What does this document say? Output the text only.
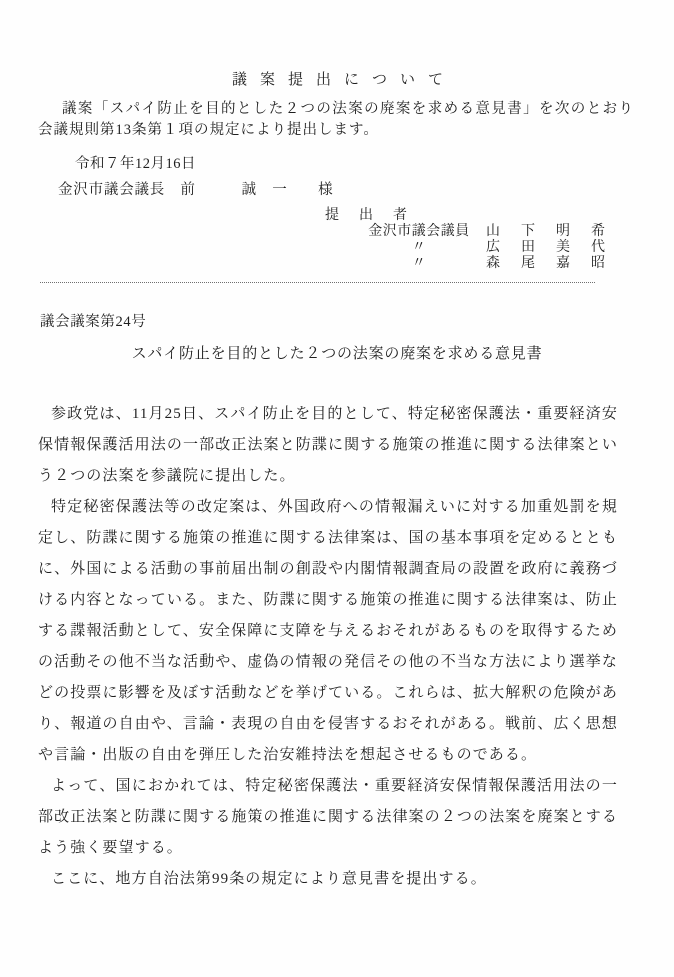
議　案　提　出　に　つ　い　て

議案「スパイ防止を目的とした２つの法案の廃案を求める意見書」を次のとおり会議規則第13条第１項の規定により提出します。

令和７年12月16日
金沢市議会議長　前　　　誠　一　　様
提　出　者
金沢市議会議員 山　下　明　希
〃	広　田　美　代
〃	森　尾　嘉　昭
議会議案第24号
スパイ防止を目的とした２つの法案の廃案を求める意見書

参政党は、11月25日、スパイ防止を目的として、特定秘密保護法・重要経済安保情報保護活用法の一部改正法案と防諜に関する施策の推進に関する法律案という２つの法案を参議院に提出した。

特定秘密保護法等の改定案は、外国政府への情報漏えいに対する加重処罰を規定し、防諜に関する施策の推進に関する法律案は、国の基本事項を定めるとともに、外国による活動の事前届出制の創設や内閣情報調査局の設置を政府に義務づける内容となっている。また、防諜に関する施策の推進に関する法律案は、防止する諜報活動として、安全保障に支障を与えるおそれがあるものを取得するための活動その他不当な活動や、虚偽の情報の発信その他の不当な方法により選挙などの投票に影響を及ぼす活動などを挙げている。これらは、拡大解釈の危険があり、報道の自由や、言論・表現の自由を侵害するおそれがある。戦前、広く思想や言論・出版の自由を弾圧した治安維持法を想起させるものである。

よって、国におかれては、特定秘密保護法・重要経済安保情報保護活用法の一部改正法案と防諜に関する施策の推進に関する法律案の２つの法案を廃案とするよう強く要望する。

ここに、地方自治法第99条の規定により意見書を提出する。
